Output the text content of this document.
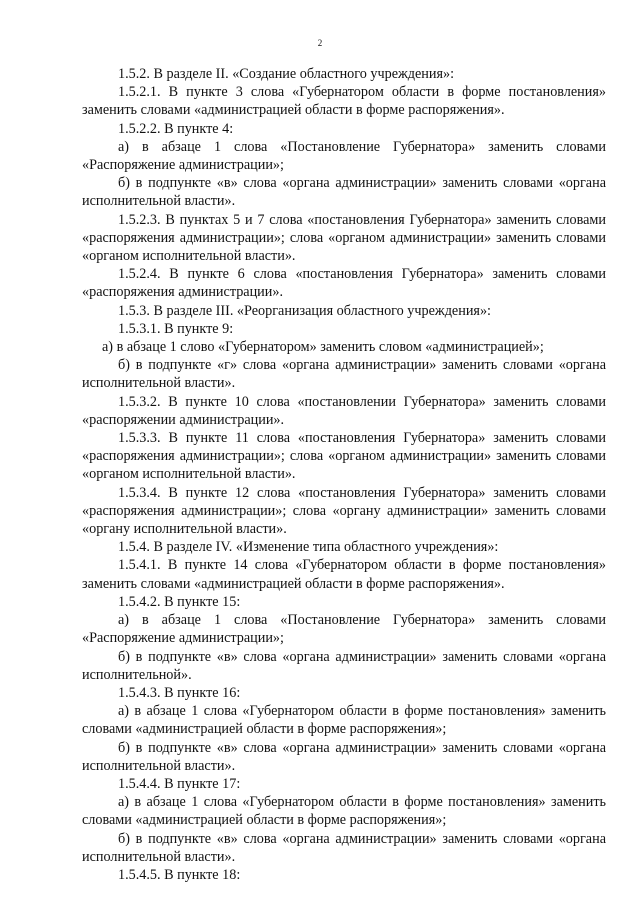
2

1.5.2. В разделе II. «Создание областного учреждения»:

1.5.2.1. В пункте 3 слова «Губернатором области в форме постановления» заменить словами «администрацией области в форме распоряжения».

1.5.2.2. В пункте 4:

а) в абзаце 1 слова «Постановление Губернатора» заменить словами «Распоряжение администрации»;

б) в подпункте «в» слова «органа администрации» заменить словами «органа исполнительной власти».

1.5.2.3. В пунктах 5 и 7 слова «постановления Губернатора» заменить словами «распоряжения администрации»; слова «органом администрации» заменить словами «органом исполнительной власти».

1.5.2.4. В пункте 6 слова «постановления Губернатора» заменить словами «распоряжения администрации».

1.5.3. В разделе III. «Реорганизация областного учреждения»:

1.5.3.1. В пункте 9:

а) в абзаце 1 слово «Губернатором» заменить словом «администрацией»;

б) в подпункте «г» слова «органа администрации» заменить словами «органа исполнительной власти».

1.5.3.2. В пункте 10 слова «постановлении Губернатора» заменить словами «распоряжении администрации».

1.5.3.3. В пункте 11 слова «постановления Губернатора» заменить словами «распоряжения администрации»; слова «органом администрации» заменить словами «органом исполнительной власти».

1.5.3.4. В пункте 12 слова «постановления Губернатора» заменить словами «распоряжения администрации»; слова «органу администрации» заменить словами «органу исполнительной власти».

1.5.4. В разделе IV. «Изменение типа областного учреждения»:

1.5.4.1. В пункте 14 слова «Губернатором области в форме постановления» заменить словами «администрацией области в форме распоряжения».

1.5.4.2. В пункте 15:

а) в абзаце 1 слова «Постановление Губернатора» заменить словами «Распоряжение администрации»;

б) в подпункте «в» слова «органа администрации» заменить словами «органа исполнительной».

1.5.4.3. В пункте 16:

а) в абзаце 1 слова «Губернатором области в форме постановления» заменить словами «администрацией области в форме распоряжения»;

б) в подпункте «в» слова «органа администрации» заменить словами «органа исполнительной власти».

1.5.4.4. В пункте 17:

а) в абзаце 1 слова «Губернатором области в форме постановления» заменить словами «администрацией области в форме распоряжения»;

б) в подпункте «в» слова «органа администрации» заменить словами «органа исполнительной власти».

1.5.4.5. В пункте 18:
